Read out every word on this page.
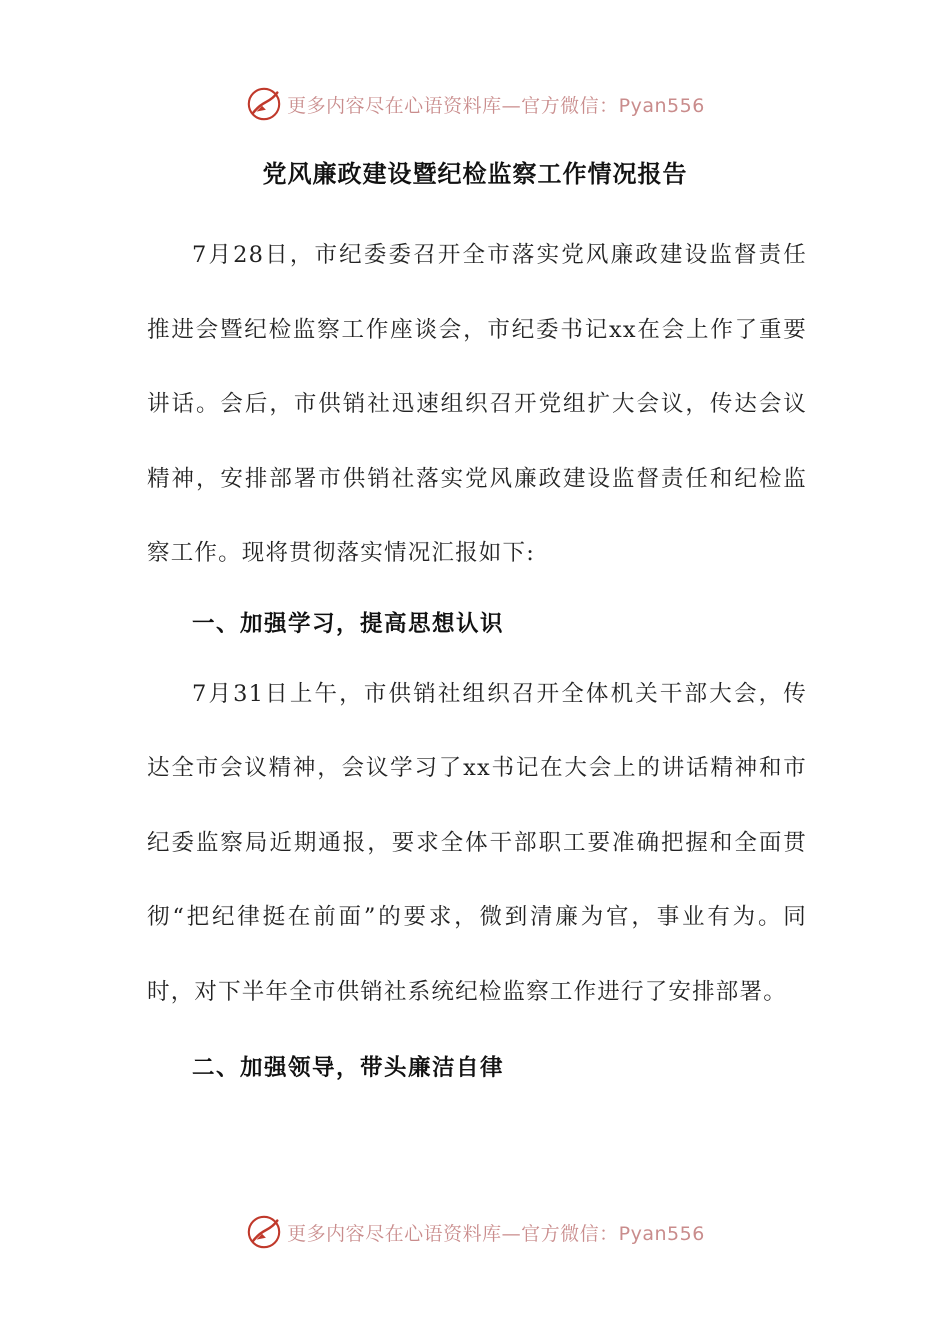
更多内容尽在心语资料库—官方微信：Pyan556
党风廉政建设暨纪检监察工作情况报告

7月28日，市纪委委召开全市落实党风廉政建设监督责任推进会暨纪检监察工作座谈会，市纪委书记xx在会上作了重要讲话。会后，市供销社迅速组织召开党组扩大会议，传达会议精神，安排部署市供销社落实党风廉政建设监督责任和纪检监察工作。现将贯彻落实情况汇报如下:

一、加强学习，提高思想认识

7月31日上午，市供销社组织召开全体机关干部大会，传达全市会议精神，会议学习了xx书记在大会上的讲话精神和市纪委监察局近期通报，要求全体干部职工要准确把握和全面贯彻“把纪律挺在前面”的要求，微到清廉为官，事业有为。同时，对下半年全市供销社系统纪检监察工作进行了安排部署。

二、加强领导，带头廉洁自律

更多内容尽在心语资料库—官方微信：Pyan556
